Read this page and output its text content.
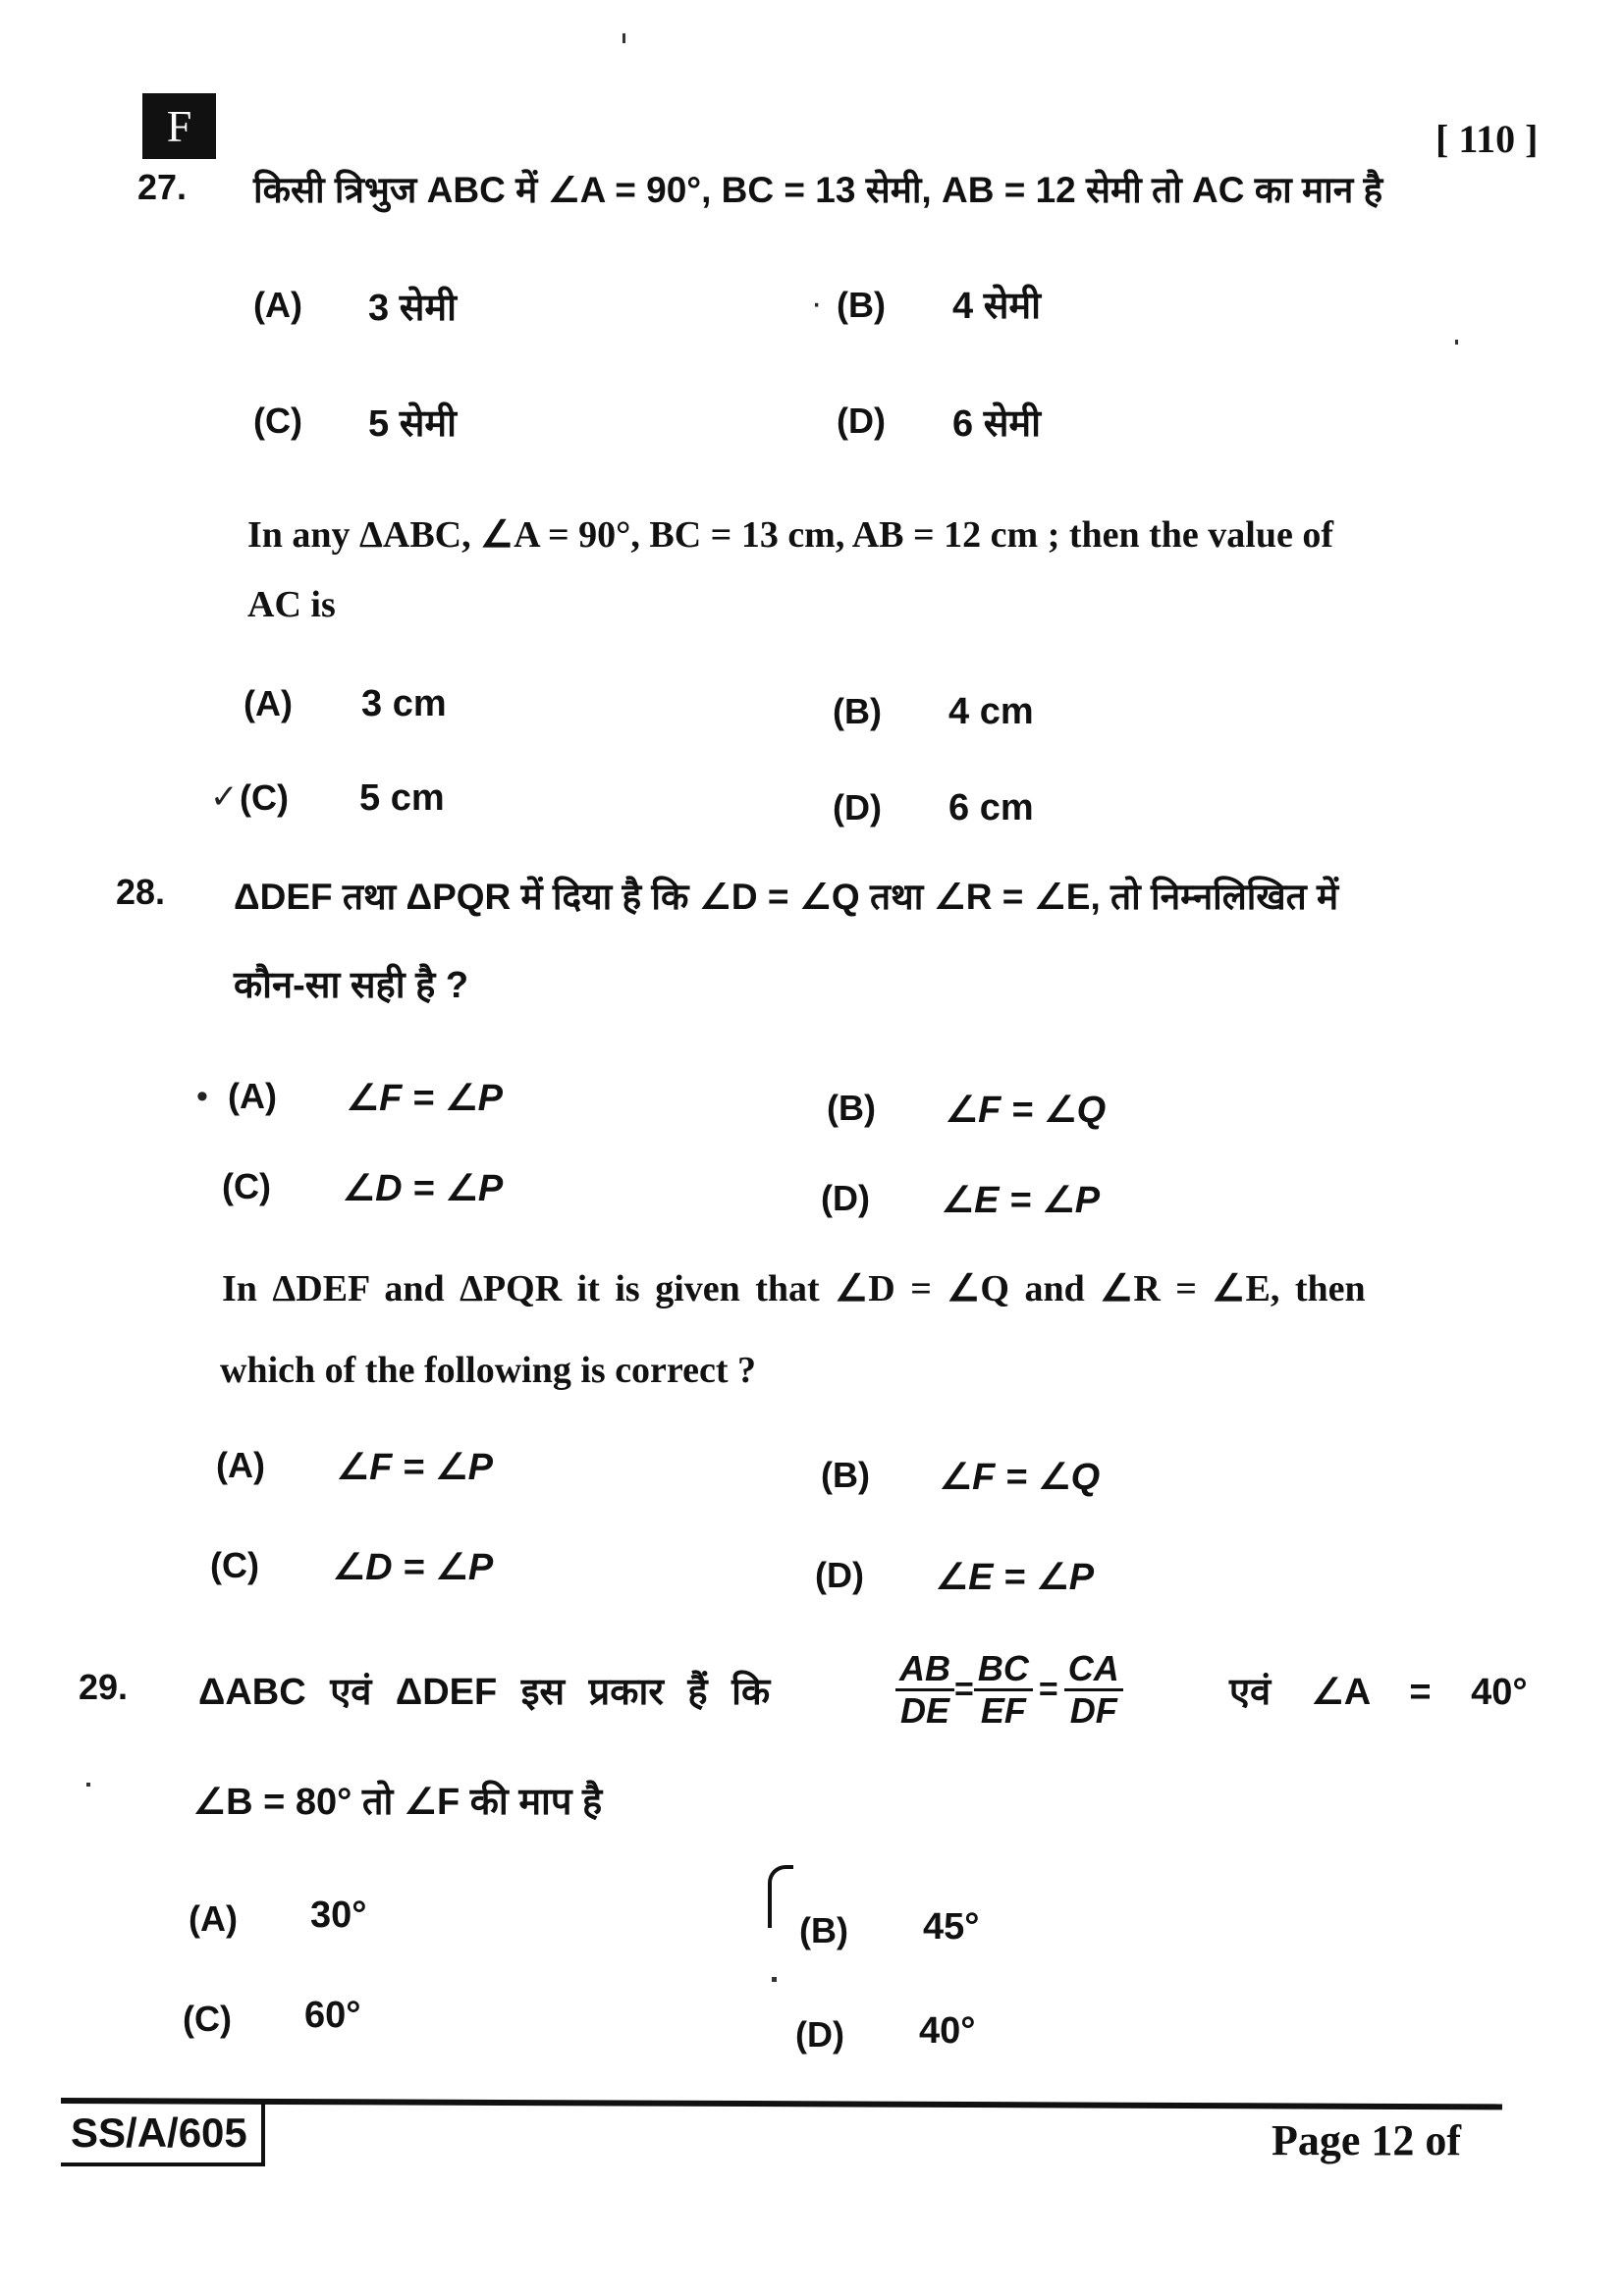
F	[ 110 ]
27. किसी त्रिभुज ABC में ∠A = 90°, BC = 13 सेमी, AB = 12 सेमी तो AC का मान है
(A) 3 सेमी	· (B) 4 सेमी
(C) 5 सेमी	(D) 6 सेमी
In any ΔABC, ∠A = 90°, BC = 13 cm, AB = 12 cm ; then the value of
AC is
(A) 3 cm	(B) 4 cm
✓ (C) 5 cm	(D) 6 cm
28. ΔDEF तथा ΔPQR में दिया है कि ∠D = ∠Q तथा ∠R = ∠E, तो निम्नलिखित में
कौन-सा सही है ?
• (A) ∠F = ∠P	(B) ∠F = ∠Q
(C) ∠D = ∠P	(D) ∠E = ∠P
In ΔDEF and ΔPQR it is given that ∠D = ∠Q and ∠R = ∠E, then
which of the following is correct ?
(A) ∠F = ∠P	(B) ∠F = ∠Q
(C) ∠D = ∠P	(D) ∠E = ∠P
29. ΔABC एवं ΔDEF इस प्रकार हैं कि	$\frac{AB}{DE} = \frac{BC}{EF} = \frac{CA}{DF}$	एवं ∠A = 40°
∠B = 80° तो ∠F की माप है
(A) 30°	(B) 45°
(C) 60°	(D) 40°
SS/A/605	Page 12 of
